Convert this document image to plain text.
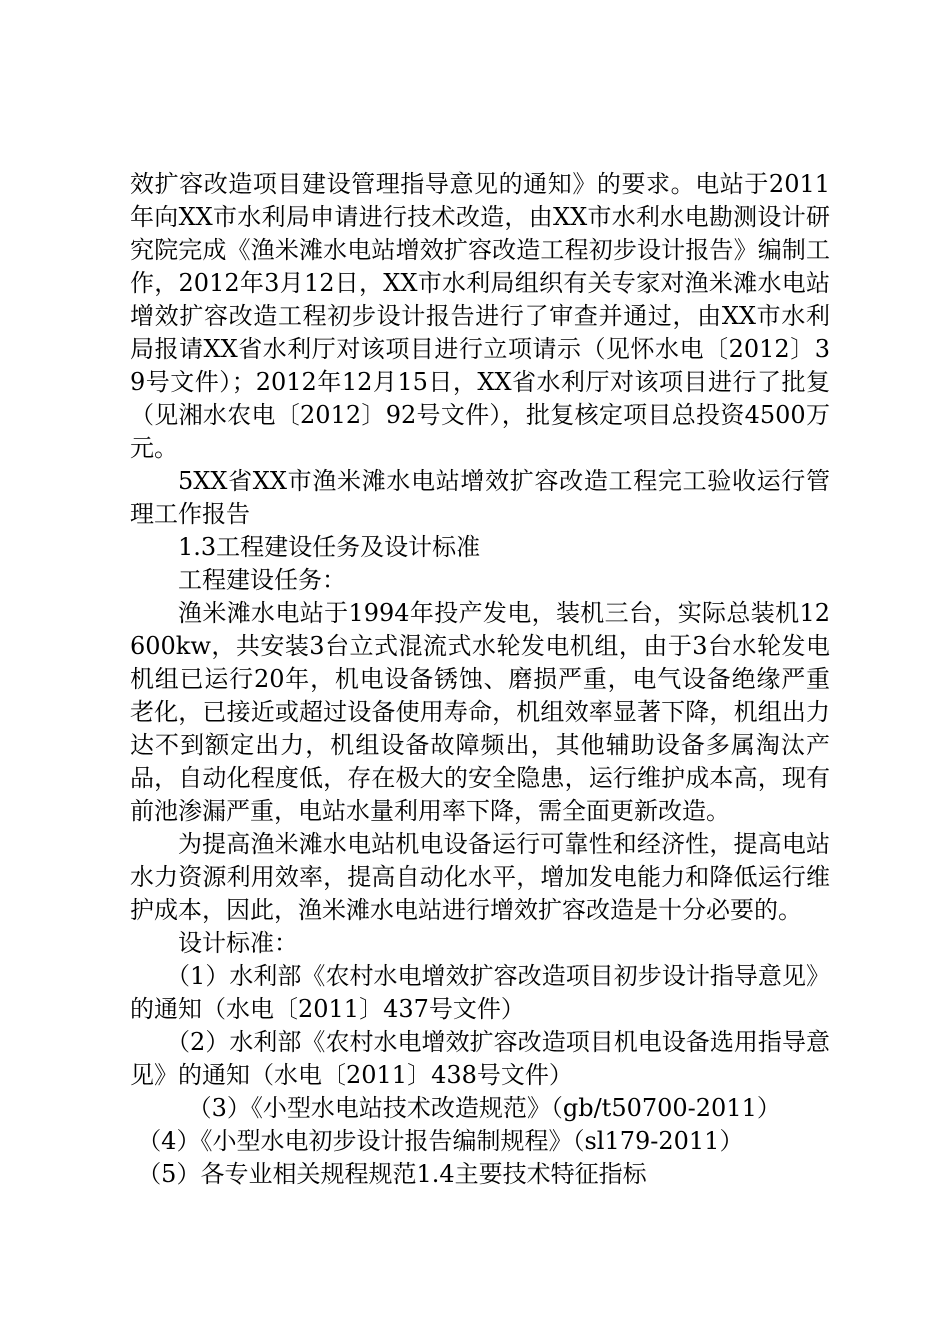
效扩容改造项目建设管理指导意见的通知》的要求。电站于2011年向XX市水利局申请进行技术改造，由XX市水利水电勘测设计研究院完成《渔米滩水电站增效扩容改造工程初步设计报告》编制工作，2012年3月12日，XX市水利局组织有关专家对渔米滩水电站增效扩容改造工程初步设计报告进行了审查并通过，由XX市水利局报请XX省水利厅对该项目进行立项请示（见怀水电〔2012〕39号文件）；2012年12月15日，XX省水利厅对该项目进行了批复（见湘水农电〔2012〕92号文件），批复核定项目总投资4500万元。

5XX省XX市渔米滩水电站增效扩容改造工程完工验收运行管理工作报告

1.3工程建设任务及设计标准

工程建设任务：

渔米滩水电站于1994年投产发电，装机三台，实际总装机12600kw，共安装3台立式混流式水轮发电机组，由于3台水轮发电机组已运行20年，机电设备锈蚀、磨损严重，电气设备绝缘严重老化，已接近或超过设备使用寿命，机组效率显著下降，机组出力达不到额定出力，机组设备故障频出，其他辅助设备多属淘汰产品，自动化程度低，存在极大的安全隐患，运行维护成本高，现有前池渗漏严重，电站水量利用率下降，需全面更新改造。

为提高渔米滩水电站机电设备运行可靠性和经济性，提高电站水力资源利用效率，提高自动化水平，增加发电能力和降低运行维护成本，因此，渔米滩水电站进行增效扩容改造是十分必要的。

设计标准：

（1）水利部《农村水电增效扩容改造项目初步设计指导意见》的通知（水电〔2011〕437号文件）

（2）水利部《农村水电增效扩容改造项目机电设备选用指导意见》的通知（水电〔2011〕438号文件）

（3）《小型水电站技术改造规范》（gb/t50700-2011）

（4）《小型水电初步设计报告编制规程》（sl179-2011）

（5）各专业相关规程规范1.4主要技术特征指标
